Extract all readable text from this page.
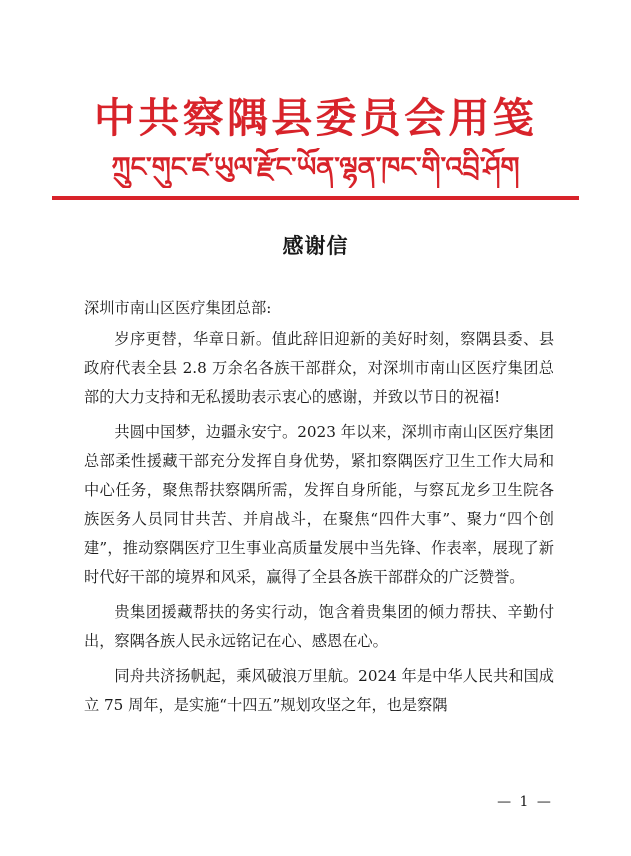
中共察隅县委员会用笺
ཀྲུང་གུང་ཛ་ཡུལ་རྫོང་ཡོན་ལྷན་ཁང་གི་འབྲི་ཤོག
感谢信

深圳市南山区医疗集团总部:

岁序更替，华章日新。值此辞旧迎新的美好时刻，察隅县委、县政府代表全县 2.8 万余名各族干部群众，对深圳市南山区医疗集团总部的大力支持和无私援助表示衷心的感谢，并致以节日的祝福!

共圆中国梦，边疆永安宁。2023 年以来，深圳市南山区医疗集团总部柔性援藏干部充分发挥自身优势，紧扣察隅医疗卫生工作大局和中心任务，聚焦帮扶察隅所需，发挥自身所能，与察瓦龙乡卫生院各族医务人员同甘共苦、并肩战斗，在聚焦“四件大事”、聚力“四个创建”，推动察隅医疗卫生事业高质量发展中当先锋、作表率，展现了新时代好干部的境界和风采，赢得了全县各族干部群众的广泛赞誉。

贵集团援藏帮扶的务实行动，饱含着贵集团的倾力帮扶、辛勤付出，察隅各族人民永远铭记在心、感恩在心。

同舟共济扬帆起，乘风破浪万里航。2024 年是中华人民共和国成立 75 周年，是实施“十四五”规划攻坚之年，也是察隅

— 1 —
